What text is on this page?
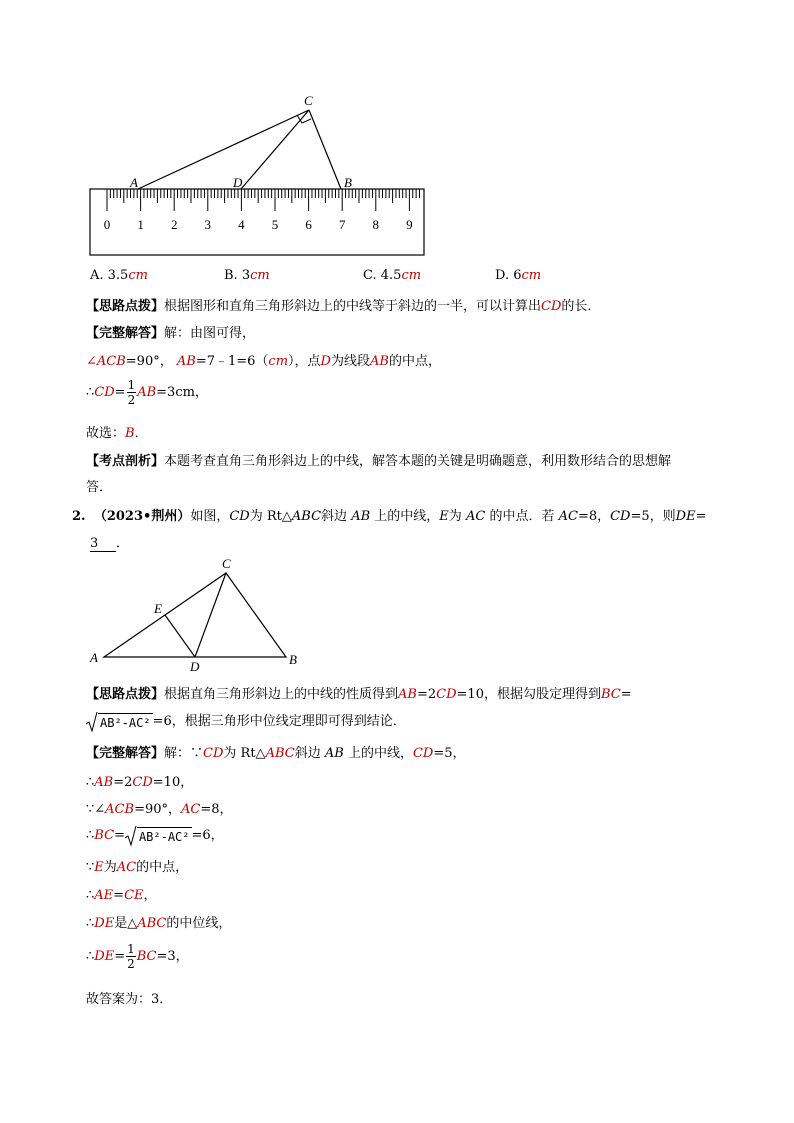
0 1 2 3 4 5 6 7 8 9
A	D	B
C
A. 3.5cm	B. 3cm	C. 4.5cm	D. 6cm
【思路点拨】根据图形和直角三角形斜边上的中线等于斜边的一半，可以计算出CD的长．
【完整解答】解：由图可得，
∠ACB=90°， AB=7﹣1=6（cm），点D为线段AB的中点，
∴CD= $\frac{1}{2} AB=3cm$，
故选：B．
【考点剖析】本题考查直角三角形斜边上的中线，解答本题的关键是明确题意，利用数形结合的思想解
答．
2. （2023•荆州）如图，CD为 Rt△ABC斜边 AB 上的中线，E为 AC 的中点．若 AC=8，CD=5，则DE=
3 ．
A	B
C
D
E
【思路点拨】根据直角三角形斜边上的中线的性质得到AB=2CD=10，根据勾股定理得到BC=
AB²-AC² =6，根据三角形中位线定理即可得到结论．
【完整解答】解：∵CD为 Rt△ABC斜边 AB 上的中线，CD=5，
∴AB=2CD=10，
∵∠ACB=90°，AC=8，
∴BC= AB²-AC² =6，
∵E为AC的中点，
∴AE=CE，
∴DE是△ABC的中位线，
∴DE= $\frac{1}{2} BC=3$，
故答案为：3．
